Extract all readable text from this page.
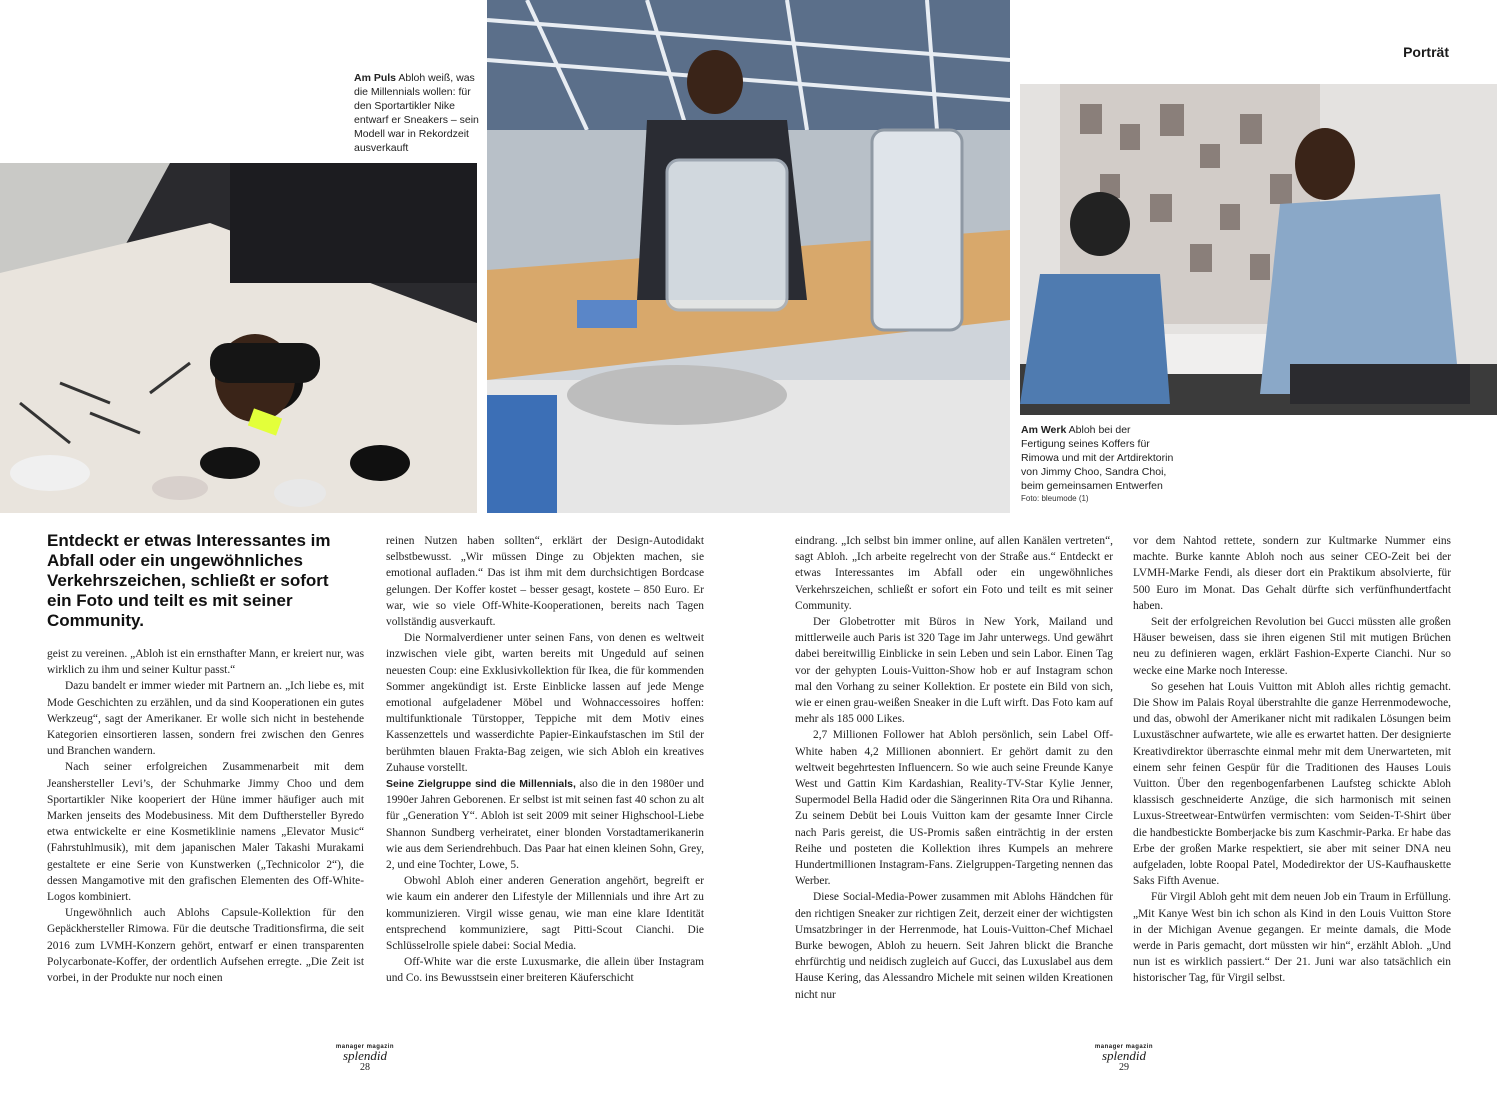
Porträt
Am Puls Abloh weiß, was die Millennials wollen: für den Sportartikler Nike entwarf er Sneakers – sein Modell war in Rekordzeit ausverkauft
Am Werk Abloh bei der Fertigung seines Koffers für Rimowa und mit der Artdirektorin von Jimmy Choo, Sandra Choi, beim gemeinsamen Entwerfen
Foto: bleumode (1)
Entdeckt er etwas Interessantes im Abfall oder ein ungewöhnliches Verkehrszeichen, schließt er sofort ein Foto und teilt es mit seiner Community.

geist zu vereinen. „Abloh ist ein ernsthafter Mann, er kreiert nur, was wirklich zu ihm und seiner Kultur passt.“

Dazu bandelt er immer wieder mit Partnern an. „Ich liebe es, mit Mode Geschichten zu erzählen, und da sind Kooperationen ein gutes Werkzeug“, sagt der Amerikaner. Er wolle sich nicht in bestehende Kategorien einsortieren lassen, sondern frei zwischen den Genres und Branchen wandern.

Nach seiner erfolgreichen Zusammenarbeit mit dem Jeanshersteller Levi’s, der Schuhmarke Jimmy Choo und dem Sportartikler Nike kooperiert der Hüne immer häufiger auch mit Marken jenseits des Modebusiness. Mit dem Dufthersteller Byredo etwa entwickelte er eine Kosmetiklinie namens „Elevator Music“ (Fahrstuhlmusik), mit dem japanischen Maler Takashi Murakami gestaltete er eine Serie von Kunstwerken („Technicolor 2“), die dessen Mangamotive mit den grafischen Elementen des Off-White-Logos kombiniert.

Ungewöhnlich auch Ablohs Capsule-Kollektion für den Gepäckhersteller Rimowa. Für die deutsche Traditionsfirma, die seit 2016 zum LVMH-Konzern gehört, entwarf er einen transparenten Polycarbonate-Koffer, der ordentlich Aufsehen erregte. „Die Zeit ist vorbei, in der Produkte nur noch einen

reinen Nutzen haben sollten“, erklärt der Design-Autodidakt selbstbewusst. „Wir müssen Dinge zu Objekten machen, sie emotional aufladen.“ Das ist ihm mit dem durchsichtigen Bordcase gelungen. Der Koffer kostet – besser gesagt, kostete – 850 Euro. Er war, wie so viele Off-White-Kooperationen, bereits nach Tagen vollständig ausverkauft.

Die Normalverdiener unter seinen Fans, von denen es weltweit inzwischen viele gibt, warten bereits mit Ungeduld auf seinen neuesten Coup: eine Exklusivkollektion für Ikea, die für kommenden Sommer angekündigt ist. Erste Einblicke lassen auf jede Menge emotional aufgeladener Möbel und Wohnaccessoires hoffen: multifunktionale Türstopper, Teppiche mit dem Motiv eines Kassenzettels und wasserdichte Papier-Einkaufstaschen im Stil der berühmten blauen Frakta-Bag zeigen, wie sich Abloh ein kreatives Zuhause vorstellt.

Seine Zielgruppe sind die Millennials, also die in den 1980er und 1990er Jahren Geborenen. Er selbst ist mit seinen fast 40 schon zu alt für „Generation Y“. Abloh ist seit 2009 mit seiner Highschool-Liebe Shannon Sundberg verheiratet, einer blonden Vorstadtamerikanerin wie aus dem Seriendrehbuch. Das Paar hat einen kleinen Sohn, Grey, 2, und eine Tochter, Lowe, 5.

Obwohl Abloh einer anderen Generation angehört, begreift er wie kaum ein anderer den Lifestyle der Millennials und ihre Art zu kommunizieren. Virgil wisse genau, wie man eine klare Identität entsprechend kommuniziere, sagt Pitti-Scout Cianchi. Die Schlüsselrolle spiele dabei: Social Media.

Off-White war die erste Luxusmarke, die allein über Instagram und Co. ins Bewusstsein einer breiteren Käuferschicht

eindrang. „Ich selbst bin immer online, auf allen Kanälen vertreten“, sagt Abloh. „Ich arbeite regelrecht von der Straße aus.“ Entdeckt er etwas Interessantes im Abfall oder ein ungewöhnliches Verkehrszeichen, schließt er sofort ein Foto und teilt es mit seiner Community.

Der Globetrotter mit Büros in New York, Mailand und mittlerweile auch Paris ist 320 Tage im Jahr unterwegs. Und gewährt dabei bereitwillig Einblicke in sein Leben und sein Labor. Einen Tag vor der gehypten Louis-Vuitton-Show hob er auf Instagram schon mal den Vorhang zu seiner Kollektion. Er postete ein Bild von sich, wie er einen grau-weißen Sneaker in die Luft wirft. Das Foto kam auf mehr als 185 000 Likes.

2,7 Millionen Follower hat Abloh persönlich, sein Label Off-White haben 4,2 Millionen abonniert. Er gehört damit zu den weltweit begehrtesten Influencern. So wie auch seine Freunde Kanye West und Gattin Kim Kardashian, Reality-TV-Star Kylie Jenner, Supermodel Bella Hadid oder die Sängerinnen Rita Ora und Rihanna. Zu seinem Debüt bei Louis Vuitton kam der gesamte Inner Circle nach Paris gereist, die US-Promis saßen einträchtig in der ersten Reihe und posteten die Kollektion ihres Kumpels an mehrere Hundertmillionen Instagram-Fans. Zielgruppen-Targeting nennen das Werber.

Diese Social-Media-Power zusammen mit Ablohs Händchen für den richtigen Sneaker zur richtigen Zeit, derzeit einer der wichtigsten Umsatzbringer in der Herrenmode, hat Louis-Vuitton-Chef Michael Burke bewogen, Abloh zu heuern. Seit Jahren blickt die Branche ehrfürchtig und neidisch zugleich auf Gucci, das Luxuslabel aus dem Hause Kering, das Alessandro Michele mit seinen wilden Kreationen nicht nur

vor dem Nahtod rettete, sondern zur Kultmarke Nummer eins machte. Burke kannte Abloh noch aus seiner CEO-Zeit bei der LVMH-Marke Fendi, als dieser dort ein Praktikum absolvierte, für 500 Euro im Monat. Das Gehalt dürfte sich verfünfhundertfacht haben.

Seit der erfolgreichen Revolution bei Gucci müssten alle großen Häuser beweisen, dass sie ihren eigenen Stil mit mutigen Brüchen neu zu definieren wagen, erklärt Fashion-Experte Cianchi. Nur so wecke eine Marke noch Interesse.

So gesehen hat Louis Vuitton mit Abloh alles richtig gemacht. Die Show im Palais Royal überstrahlte die ganze Herrenmodewoche, und das, obwohl der Amerikaner nicht mit radikalen Lösungen beim Luxustäschner aufwartete, wie alle es erwartet hatten. Der designierte Kreativdirektor überraschte einmal mehr mit dem Unerwarteten, mit einem sehr feinen Gespür für die Traditionen des Hauses Louis Vuitton. Über den regenbogenfarbenen Laufsteg schickte Abloh klassisch geschneiderte Anzüge, die sich harmonisch mit seinen Luxus-Streetwear-Entwürfen vermischten: vom Seiden-T-Shirt über die handbestickte Bomberjacke bis zum Kaschmir-Parka. Er habe das Erbe der großen Marke respektiert, sie aber mit seiner DNA neu aufgeladen, lobte Roopal Patel, Modedirektor der US-Kaufhauskette Saks Fifth Avenue.

Für Virgil Abloh geht mit dem neuen Job ein Traum in Erfüllung. „Mit Kanye West bin ich schon als Kind in den Louis Vuitton Store in der Michigan Avenue gegangen. Er meinte damals, die Mode werde in Paris gemacht, dort müssten wir hin“, erzählt Abloh. „Und nun ist es wirklich passiert.“ Der 21. Juni war also tatsächlich ein historischer Tag, für Virgil selbst.

manager magazin
splendid
28
manager magazin
splendid
29
